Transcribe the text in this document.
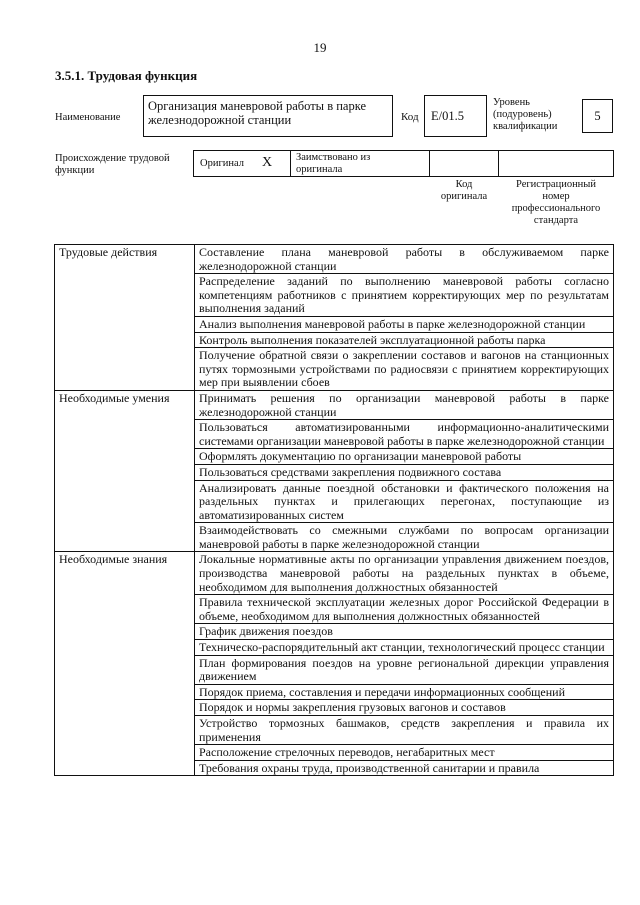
19
3.5.1. Трудовая функция
Наименование
Организация маневровой работы в парке железнодорожной станции	Код E/01.5
Уровень (подуровень) квалификации
5
Происхождение трудовой функции
Оригинал X Заимствовано из оригинала
Код оригинала
Регистрационный номер профессионального стандарта
Трудовые действия	Составление плана маневровой работы в обслуживаемом парке железнодорожной станции
	Распределение заданий по выполнению маневровой работы согласно компетенциям работников с принятием корректирующих мер по результатам выполнения заданий
	Анализ выполнения маневровой работы в парке железнодорожной станции
	Контроль выполнения показателей эксплуатационной работы парка
	Получение обратной связи о закреплении составов и вагонов на станционных путях тормозными устройствами по радиосвязи с принятием корректирующих мер при выявлении сбоев
Необходимые умения	Принимать решения по организации маневровой работы в парке железнодорожной станции
	Пользоваться автоматизированными информационно-аналитическими системами организации маневровой работы в парке железнодорожной станции
	Оформлять документацию по организации маневровой работы
	Пользоваться средствами закрепления подвижного состава
	Анализировать данные поездной обстановки и фактического положения на раздельных пунктах и прилегающих перегонах, поступающие из автоматизированных систем
	Взаимодействовать со смежными службами по вопросам организации маневровой работы в парке железнодорожной станции
Необходимые знания	Локальные нормативные акты по организации управления движением поездов, производства маневровой работы на раздельных пунктах в объеме, необходимом для выполнения должностных обязанностей
	Правила технической эксплуатации железных дорог Российской Федерации в объеме, необходимом для выполнения должностных обязанностей
	График движения поездов
	Техническо-распорядительный акт станции, технологический процесс станции
	План формирования поездов на уровне региональной дирекции управления движением
	Порядок приема, составления и передачи информационных сообщений
	Порядок и нормы закрепления грузовых вагонов и составов
	Устройство тормозных башмаков, средств закрепления и правила их применения
	Расположение стрелочных переводов, негабаритных мест
	Требования охраны труда, производственной санитарии и правила
